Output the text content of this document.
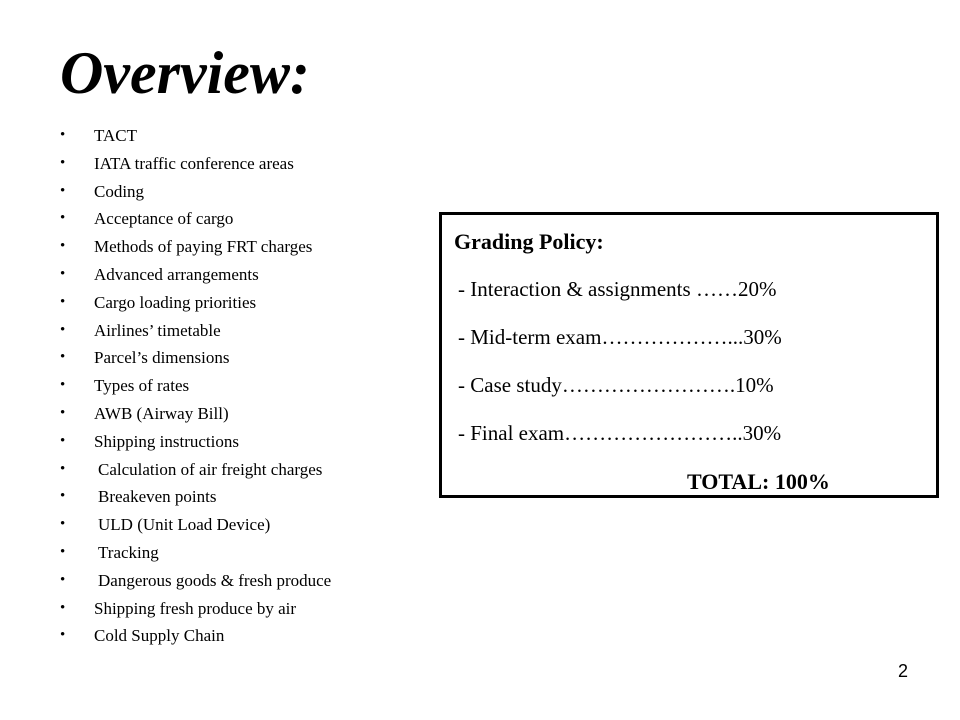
Overview:
• TACT
• IATA traffic conference areas
• Coding
• Acceptance of cargo
• Methods of paying FRT charges
• Advanced arrangements
• Cargo loading priorities
• Airlines’ timetable
• Parcel’s dimensions
• Types of rates
• AWB (Airway Bill)
• Shipping instructions
• Calculation of air freight charges
• Breakeven points
• ULD (Unit Load Device)
• Tracking
• Dangerous goods & fresh produce
• Shipping fresh produce by air
• Cold Supply Chain
Grading Policy:
- Interaction & assignments ……20%
- Mid-term exam………………...30%
- Case study…………………….10%
- Final exam……………………..30%
TOTAL: 100%
2
